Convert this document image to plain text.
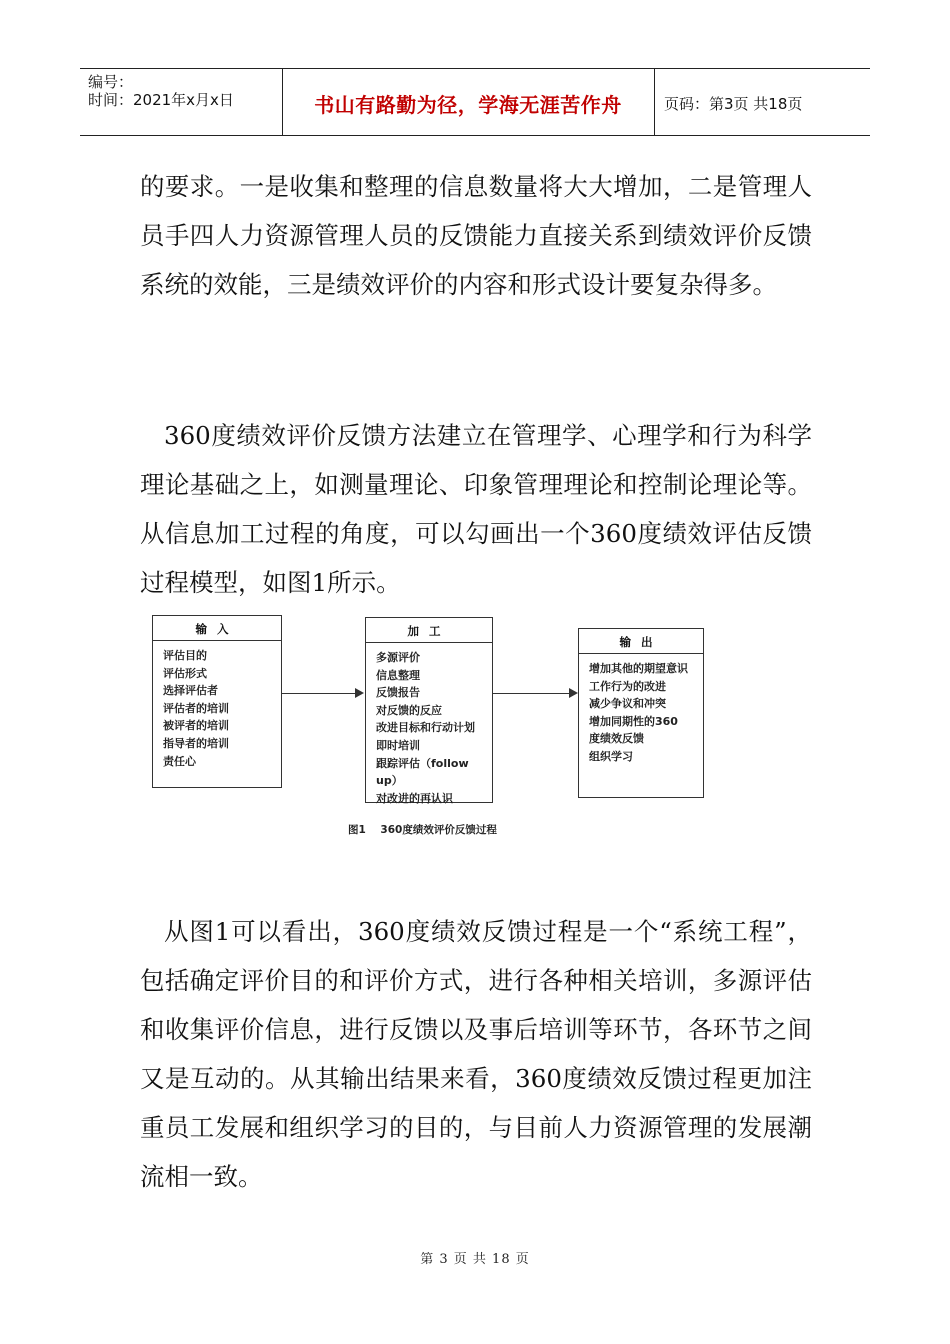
编号：
时间：2021年x月x日	书山有路勤为径，学海无涯苦作舟	页码：第3页 共18页

的要求。一是收集和整理的信息数量将大大增加，二是管理人员手四人力资源管理人员的反馈能力直接关系到绩效评价反馈系统的效能，三是绩效评价的内容和形式设计要复杂得多。

360度绩效评价反馈方法建立在管理学、心理学和行为科学理论基础之上，如测量理论、印象管理理论和控制论理论等。从信息加工过程的角度，可以勾画出一个360度绩效评估反馈过程模型，如图1所示。

输入
评估目的
评估形式
选择评估者
评估者的培训
被评者的培训
指导者的培训
责任心
加工
多源评价
信息整理
反馈报告
对反馈的反应
改进目标和行动计划
即时培训
跟踪评估（follow up）
对改进的再认识
输出
增加其他的期望意识
工作行为的改进
减少争议和冲突
增加同期性的360
度绩效反馈
组织学习
图1    360度绩效评价反馈过程

从图1可以看出，360度绩效反馈过程是一个“系统工程”，包括确定评价目的和评价方式，进行各种相关培训，多源评估和收集评价信息，进行反馈以及事后培训等环节，各环节之间又是互动的。从其输出结果来看，360度绩效反馈过程更加注重员工发展和组织学习的目的，与目前人力资源管理的发展潮流相一致。

第 3 页 共 18 页
